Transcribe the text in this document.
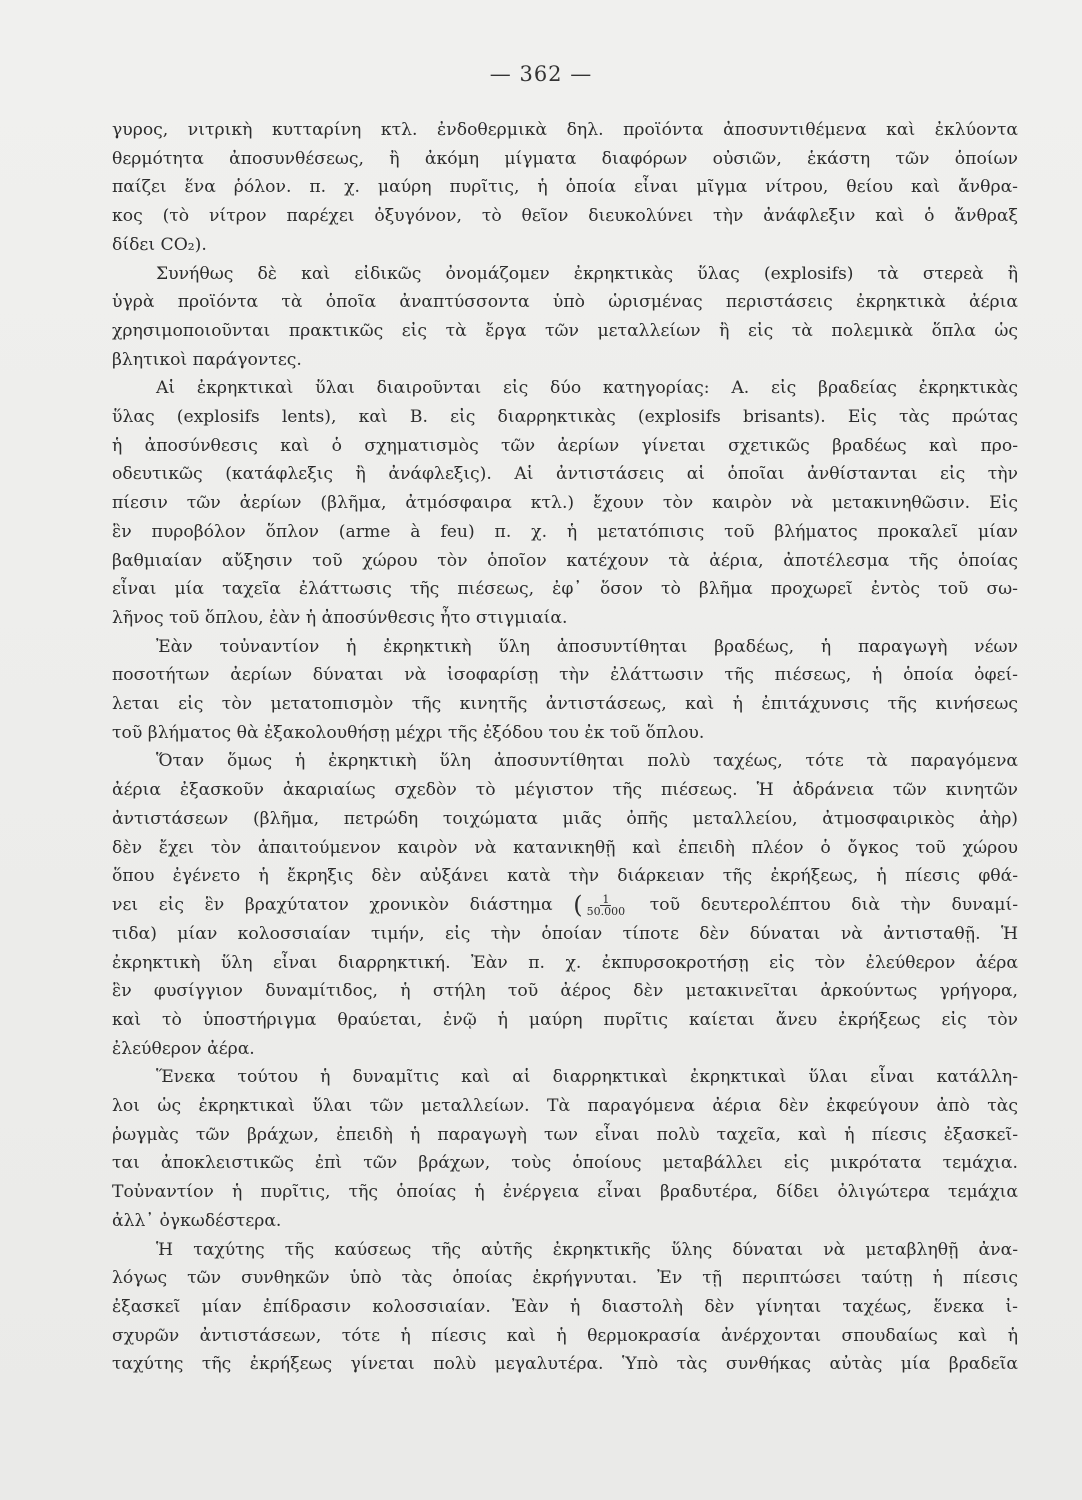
— 362 —

γυρος, νιτρικὴ κυτταρίνη κτλ. ἐνδοθερμικὰ δηλ. προϊόντα ἀποσυντιθέμενα καὶ ἐκλύοντα
θερμότητα ἀποσυνθέσεως, ἢ ἀκόμη μίγματα διαφόρων οὐσιῶν, ἑκάστη τῶν ὁποίων
παίζει ἕνα ῥόλον. π. χ. μαύρη πυρῖτις, ἡ ὁποία εἶναι μῖγμα νίτρου, θείου καὶ ἄνθρα-
κος (τὸ νίτρον παρέχει ὀξυγόνον, τὸ θεῖον διευκολύνει τὴν ἀνάφλεξιν καὶ ὁ ἄνθραξ
δίδει CO₂).

Συνήθως δὲ καὶ εἰδικῶς ὀνομάζομεν ἐκρηκτικὰς ὕλας (explosifs) τὰ στερεὰ ἢ
ὑγρὰ προϊόντα τὰ ὁποῖα ἀναπτύσσοντα ὑπὸ ὡρισμένας περιστάσεις ἐκρηκτικὰ ἀέρια
χρησιμοποιοῦνται πρακτικῶς εἰς τὰ ἔργα τῶν μεταλλείων ἢ εἰς τὰ πολεμικὰ ὅπλα ὡς
βλητικοὶ παράγοντες.

Αἱ ἐκρηκτικαὶ ὕλαι διαιροῦνται εἰς δύο κατηγορίας: Α. εἰς βραδείας ἐκρηκτικὰς
ὕλας (explosifs lents), καὶ Β. εἰς διαρρηκτικὰς (explosifs brisants). Εἰς τὰς πρώτας
ἡ ἀποσύνθεσις καὶ ὁ σχηματισμὸς τῶν ἀερίων γίνεται σχετικῶς βραδέως καὶ προ-
οδευτικῶς (κατάφλεξις ἢ ἀνάφλεξις). Αἱ ἀντιστάσεις αἱ ὁποῖαι ἀνθίστανται εἰς τὴν
πίεσιν τῶν ἀερίων (βλῆμα, ἀτμόσφαιρα κτλ.) ἔχουν τὸν καιρὸν νὰ μετακινηθῶσιν. Εἰς
ἓν πυροβόλον ὅπλον (arme à feu) π. χ. ἡ μετατόπισις τοῦ βλήματος προκαλεῖ μίαν
βαθμιαίαν αὔξησιν τοῦ χώρου τὸν ὁποῖον κατέχουν τὰ ἀέρια, ἀποτέλεσμα τῆς ὁποίας
εἶναι μία ταχεῖα ἐλάττωσις τῆς πιέσεως, ἐφ᾽ ὅσον τὸ βλῆμα προχωρεῖ ἐντὸς τοῦ σω-
λῆνος τοῦ ὅπλου, ἐὰν ἡ ἀποσύνθεσις ἦτο στιγμιαία.

Ἐὰν τοὐναντίον ἡ ἐκρηκτικὴ ὕλη ἀποσυντίθηται βραδέως, ἡ παραγωγὴ νέων
ποσοτήτων ἀερίων δύναται νὰ ἰσοφαρίσῃ τὴν ἐλάττωσιν τῆς πιέσεως, ἡ ὁποία ὀφεί-
λεται εἰς τὸν μετατοπισμὸν τῆς κινητῆς ἀντιστάσεως, καὶ ἡ ἐπιτάχυνσις τῆς κινήσεως
τοῦ βλήματος θὰ ἐξακολουθήσῃ μέχρι τῆς ἐξόδου του ἐκ τοῦ ὅπλου.

Ὅταν ὅμως ἡ ἐκρηκτικὴ ὕλη ἀποσυντίθηται πολὺ ταχέως, τότε τὰ παραγόμενα
ἀέρια ἐξασκοῦν ἀκαριαίως σχεδὸν τὸ μέγιστον τῆς πιέσεως. Ἡ ἀδράνεια τῶν κινητῶν
ἀντιστάσεων (βλῆμα, πετρώδη τοιχώματα μιᾶς ὀπῆς μεταλλείου, ἀτμοσφαιρικὸς ἀὴρ)
δὲν ἔχει τὸν ἀπαιτούμενον καιρὸν νὰ κατανικηθῇ καὶ ἐπειδὴ πλέον ὁ ὄγκος τοῦ χώρου
ὅπου ἐγένετο ἡ ἔκρηξις δὲν αὐξάνει κατὰ τὴν διάρκειαν τῆς ἐκρήξεως, ἡ πίεσις φθά-
νει εἰς ἓν βραχύτατον χρονικὸν διάστημα ( $\frac{1}{50.000}$ τοῦ δευτερολέπτου διὰ τὴν δυναμί-
τιδα) μίαν κολοσσιαίαν τιμήν, εἰς τὴν ὁποίαν τίποτε δὲν δύναται νὰ ἀντισταθῇ. Ἡ
ἐκρηκτικὴ ὕλη εἶναι διαρρηκτική. Ἐὰν π. χ. ἐκπυρσοκροτήσῃ εἰς τὸν ἐλεύθερον ἀέρα
ἓν φυσίγγιον δυναμίτιδος, ἡ στήλη τοῦ ἀέρος δὲν μετακινεῖται ἀρκούντως γρήγορα,
καὶ τὸ ὑποστήριγμα θραύεται, ἐνῷ ἡ μαύρη πυρῖτις καίεται ἄνευ ἐκρήξεως εἰς τὸν
ἐλεύθερον ἀέρα.

Ἕνεκα τούτου ἡ δυναμῖτις καὶ αἱ διαρρηκτικαὶ ἐκρηκτικαὶ ὕλαι εἶναι κατάλλη-
λοι ὡς ἐκρηκτικαὶ ὕλαι τῶν μεταλλείων. Τὰ παραγόμενα ἀέρια δὲν ἐκφεύγουν ἀπὸ τὰς
ῥωγμὰς τῶν βράχων, ἐπειδὴ ἡ παραγωγὴ των εἶναι πολὺ ταχεῖα, καὶ ἡ πίεσις ἐξασκεῖ-
ται ἀποκλειστικῶς ἐπὶ τῶν βράχων, τοὺς ὁποίους μεταβάλλει εἰς μικρότατα τεμάχια.
Τοὐναντίον ἡ πυρῖτις, τῆς ὁποίας ἡ ἐνέργεια εἶναι βραδυτέρα, δίδει ὀλιγώτερα τεμάχια
ἀλλ᾽ ὀγκωδέστερα.

Ἡ ταχύτης τῆς καύσεως τῆς αὐτῆς ἐκρηκτικῆς ὕλης δύναται νὰ μεταβληθῇ ἀνα-
λόγως τῶν συνθηκῶν ὑπὸ τὰς ὁποίας ἐκρήγνυται. Ἐν τῇ περιπτώσει ταύτῃ ἡ πίεσις
ἐξασκεῖ μίαν ἐπίδρασιν κολοσσιαίαν. Ἐὰν ἡ διαστολὴ δὲν γίνηται ταχέως, ἕνεκα ἰ-
σχυρῶν ἀντιστάσεων, τότε ἡ πίεσις καὶ ἡ θερμοκρασία ἀνέρχονται σπουδαίως καὶ ἡ
ταχύτης τῆς ἐκρήξεως γίνεται πολὺ μεγαλυτέρα. Ὑπὸ τὰς συνθήκας αὐτὰς μία βραδεῖα
